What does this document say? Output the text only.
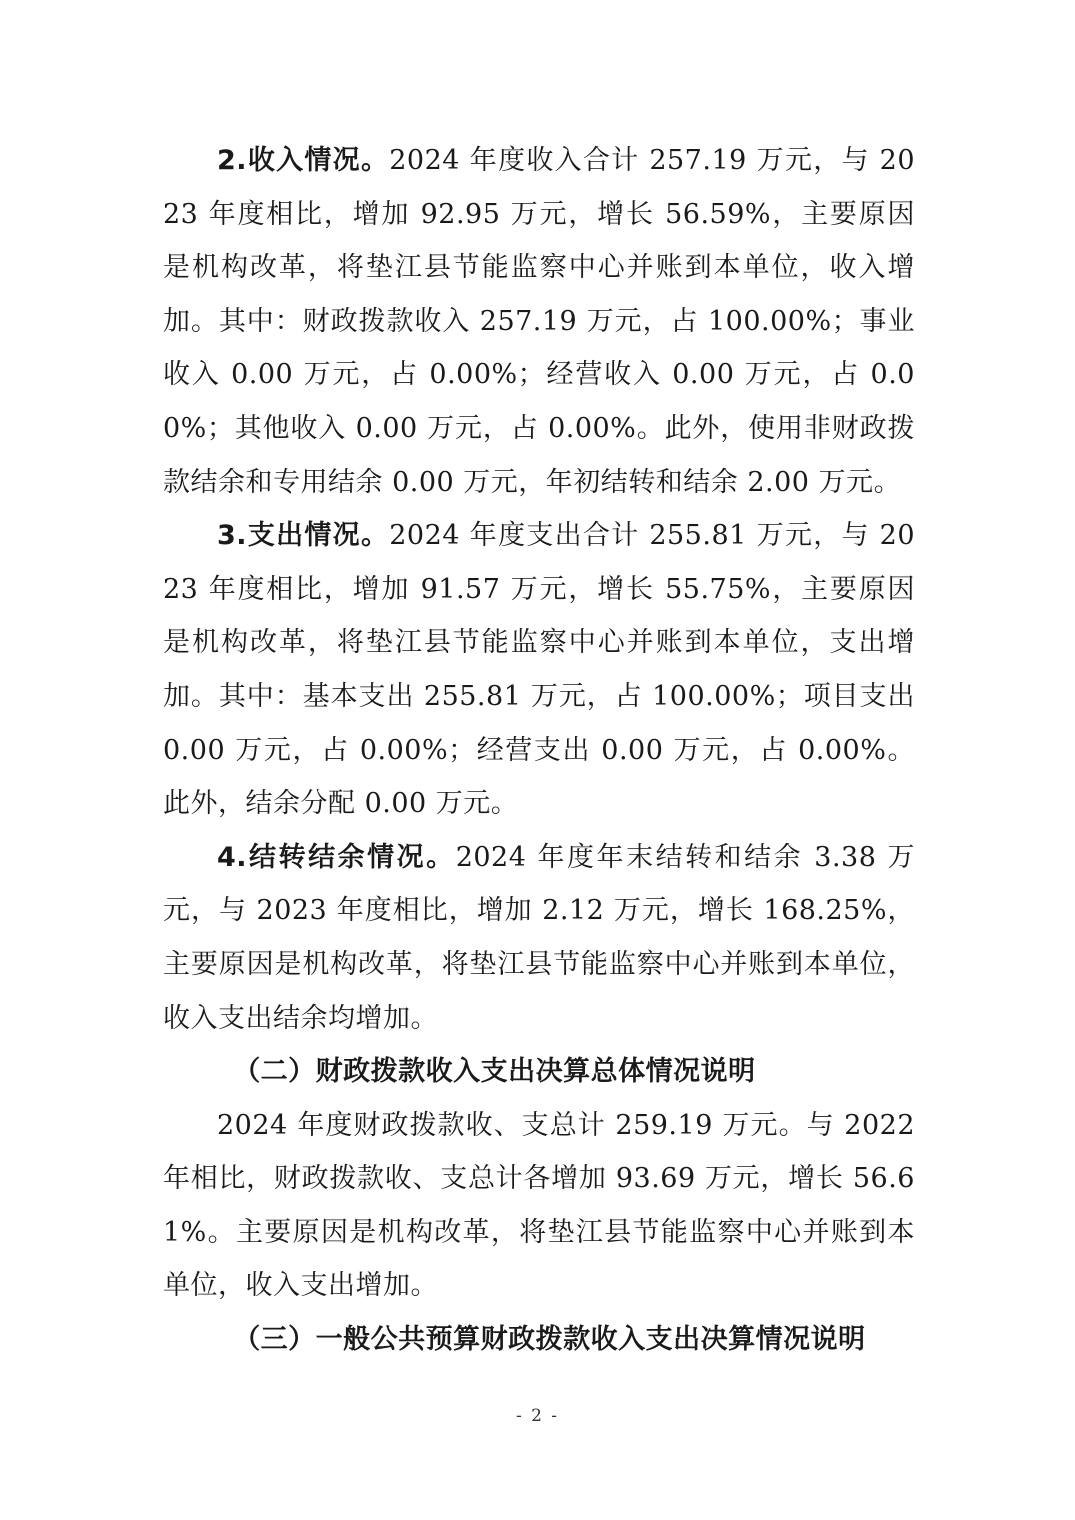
2.收入情况。2024 年度收入合计 257.19 万元，与 2023 年度相比，增加 92.95 万元，增长 56.59%，主要原因是机构改革，将垫江县节能监察中心并账到本单位，收入增加。其中：财政拨款收入 257.19 万元，占 100.00%；事业收入 0.00 万元，占 0.00%；经营收入 0.00 万元，占 0.00%；其他收入 0.00 万元，占 0.00%。此外，使用非财政拨款结余和专用结余 0.00 万元，年初结转和结余 2.00 万元。

3.支出情况。2024 年度支出合计 255.81 万元，与 2023 年度相比，增加 91.57 万元，增长 55.75%，主要原因是机构改革，将垫江县节能监察中心并账到本单位，支出增加。其中：基本支出 255.81 万元，占 100.00%；项目支出 0.00 万元，占 0.00%；经营支出 0.00 万元，占 0.00%。此外，结余分配 0.00 万元。

4.结转结余情况。2024 年度年末结转和结余 3.38 万元，与 2023 年度相比，增加 2.12 万元，增长 168.25%，主要原因是机构改革，将垫江县节能监察中心并账到本单位，收入支出结余均增加。

（二）财政拨款收入支出决算总体情况说明

2024 年度财政拨款收、支总计 259.19 万元。与 2022 年相比，财政拨款收、支总计各增加 93.69 万元，增长 56.61%。主要原因是机构改革，将垫江县节能监察中心并账到本单位，收入支出增加。

（三）一般公共预算财政拨款收入支出决算情况说明

- 2 -
